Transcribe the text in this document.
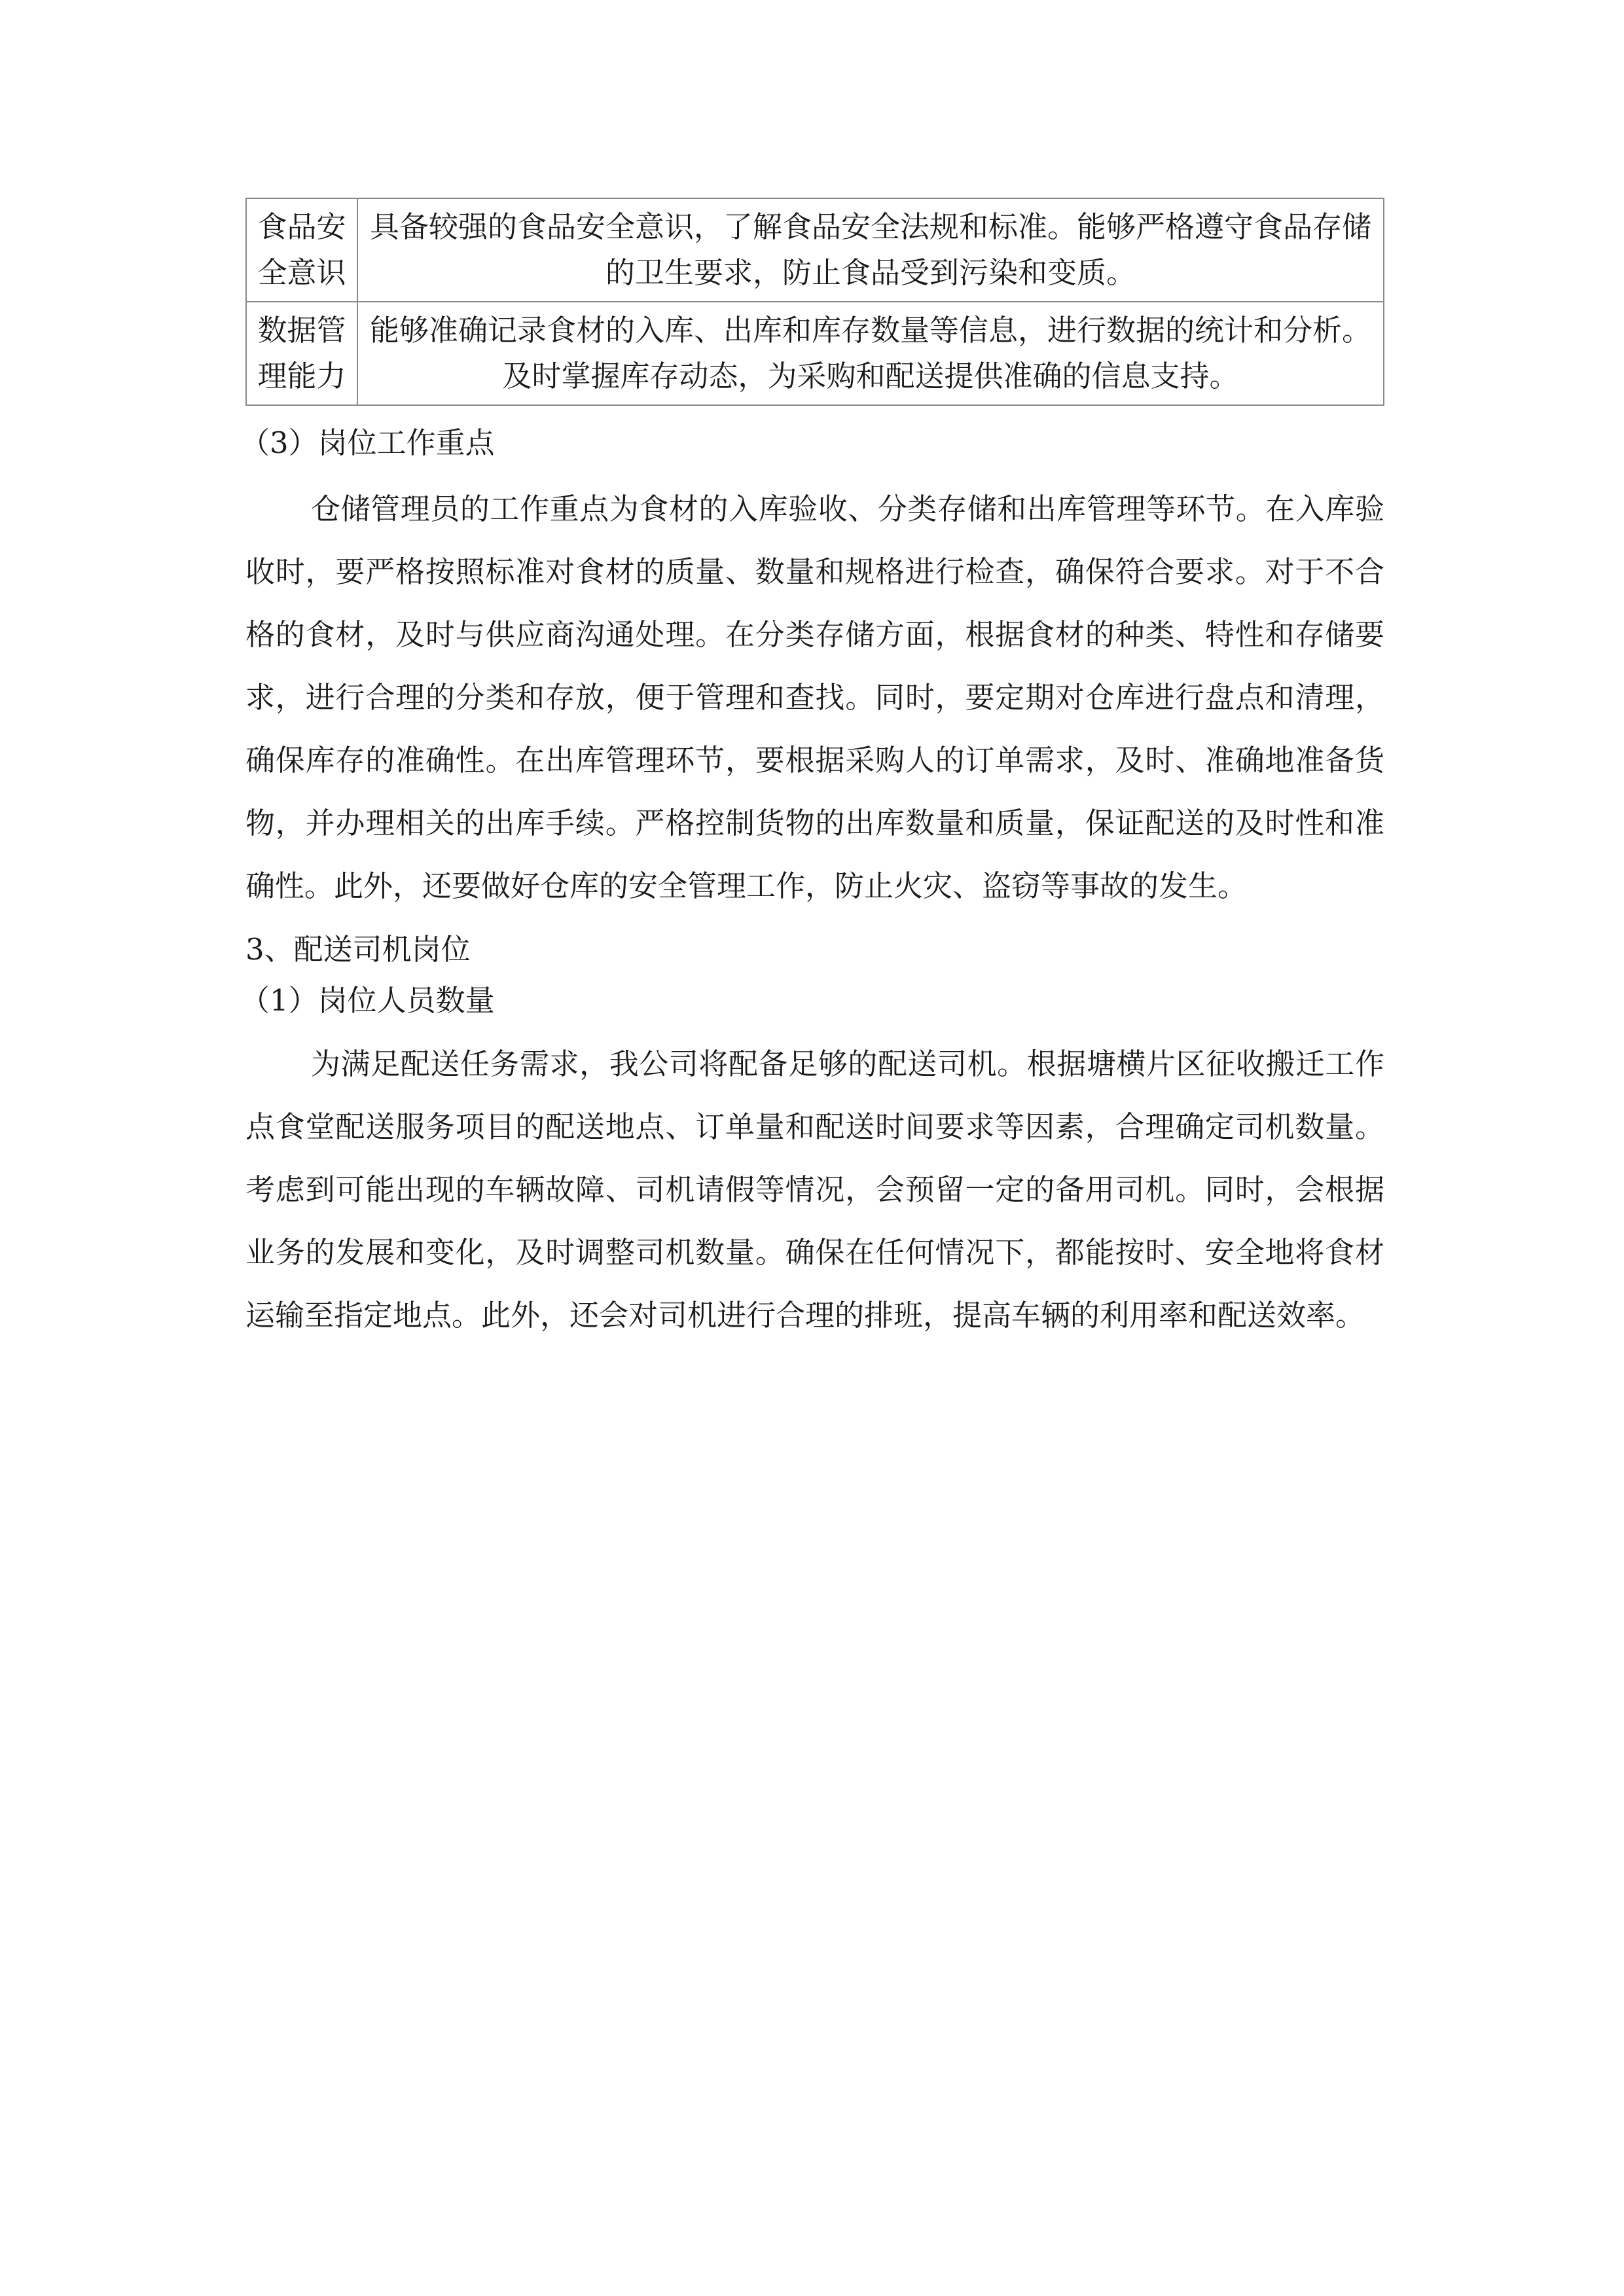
食品安全意识	具备较强的食品安全意识，了解食品安全法规和标准。能够严格遵守食品存储的卫生要求，防止食品受到污染和变质。
数据管理能力	能够准确记录食材的入库、出库和库存数量等信息，进行数据的统计和分析。及时掌握库存动态，为采购和配送提供准确的信息支持。

（3）岗位工作重点

仓储管理员的工作重点为食材的入库验收、分类存储和出库管理等环节。在入库验收时，要严格按照标准对食材的质量、数量和规格进行检查，确保符合要求。对于不合格的食材，及时与供应商沟通处理。在分类存储方面，根据食材的种类、特性和存储要求，进行合理的分类和存放，便于管理和查找。同时，要定期对仓库进行盘点和清理，确保库存的准确性。在出库管理环节，要根据采购人的订单需求，及时、准确地准备货物，并办理相关的出库手续。严格控制货物的出库数量和质量，保证配送的及时性和准确性。此外，还要做好仓库的安全管理工作，防止火灾、盗窃等事故的发生。

3、配送司机岗位

（1）岗位人员数量

为满足配送任务需求，我公司将配备足够的配送司机。根据塘横片区征收搬迁工作点食堂配送服务项目的配送地点、订单量和配送时间要求等因素，合理确定司机数量。考虑到可能出现的车辆故障、司机请假等情况，会预留一定的备用司机。同时，会根据业务的发展和变化，及时调整司机数量。确保在任何情况下，都能按时、安全地将食材运输至指定地点。此外，还会对司机进行合理的排班，提高车辆的利用率和配送效率。
